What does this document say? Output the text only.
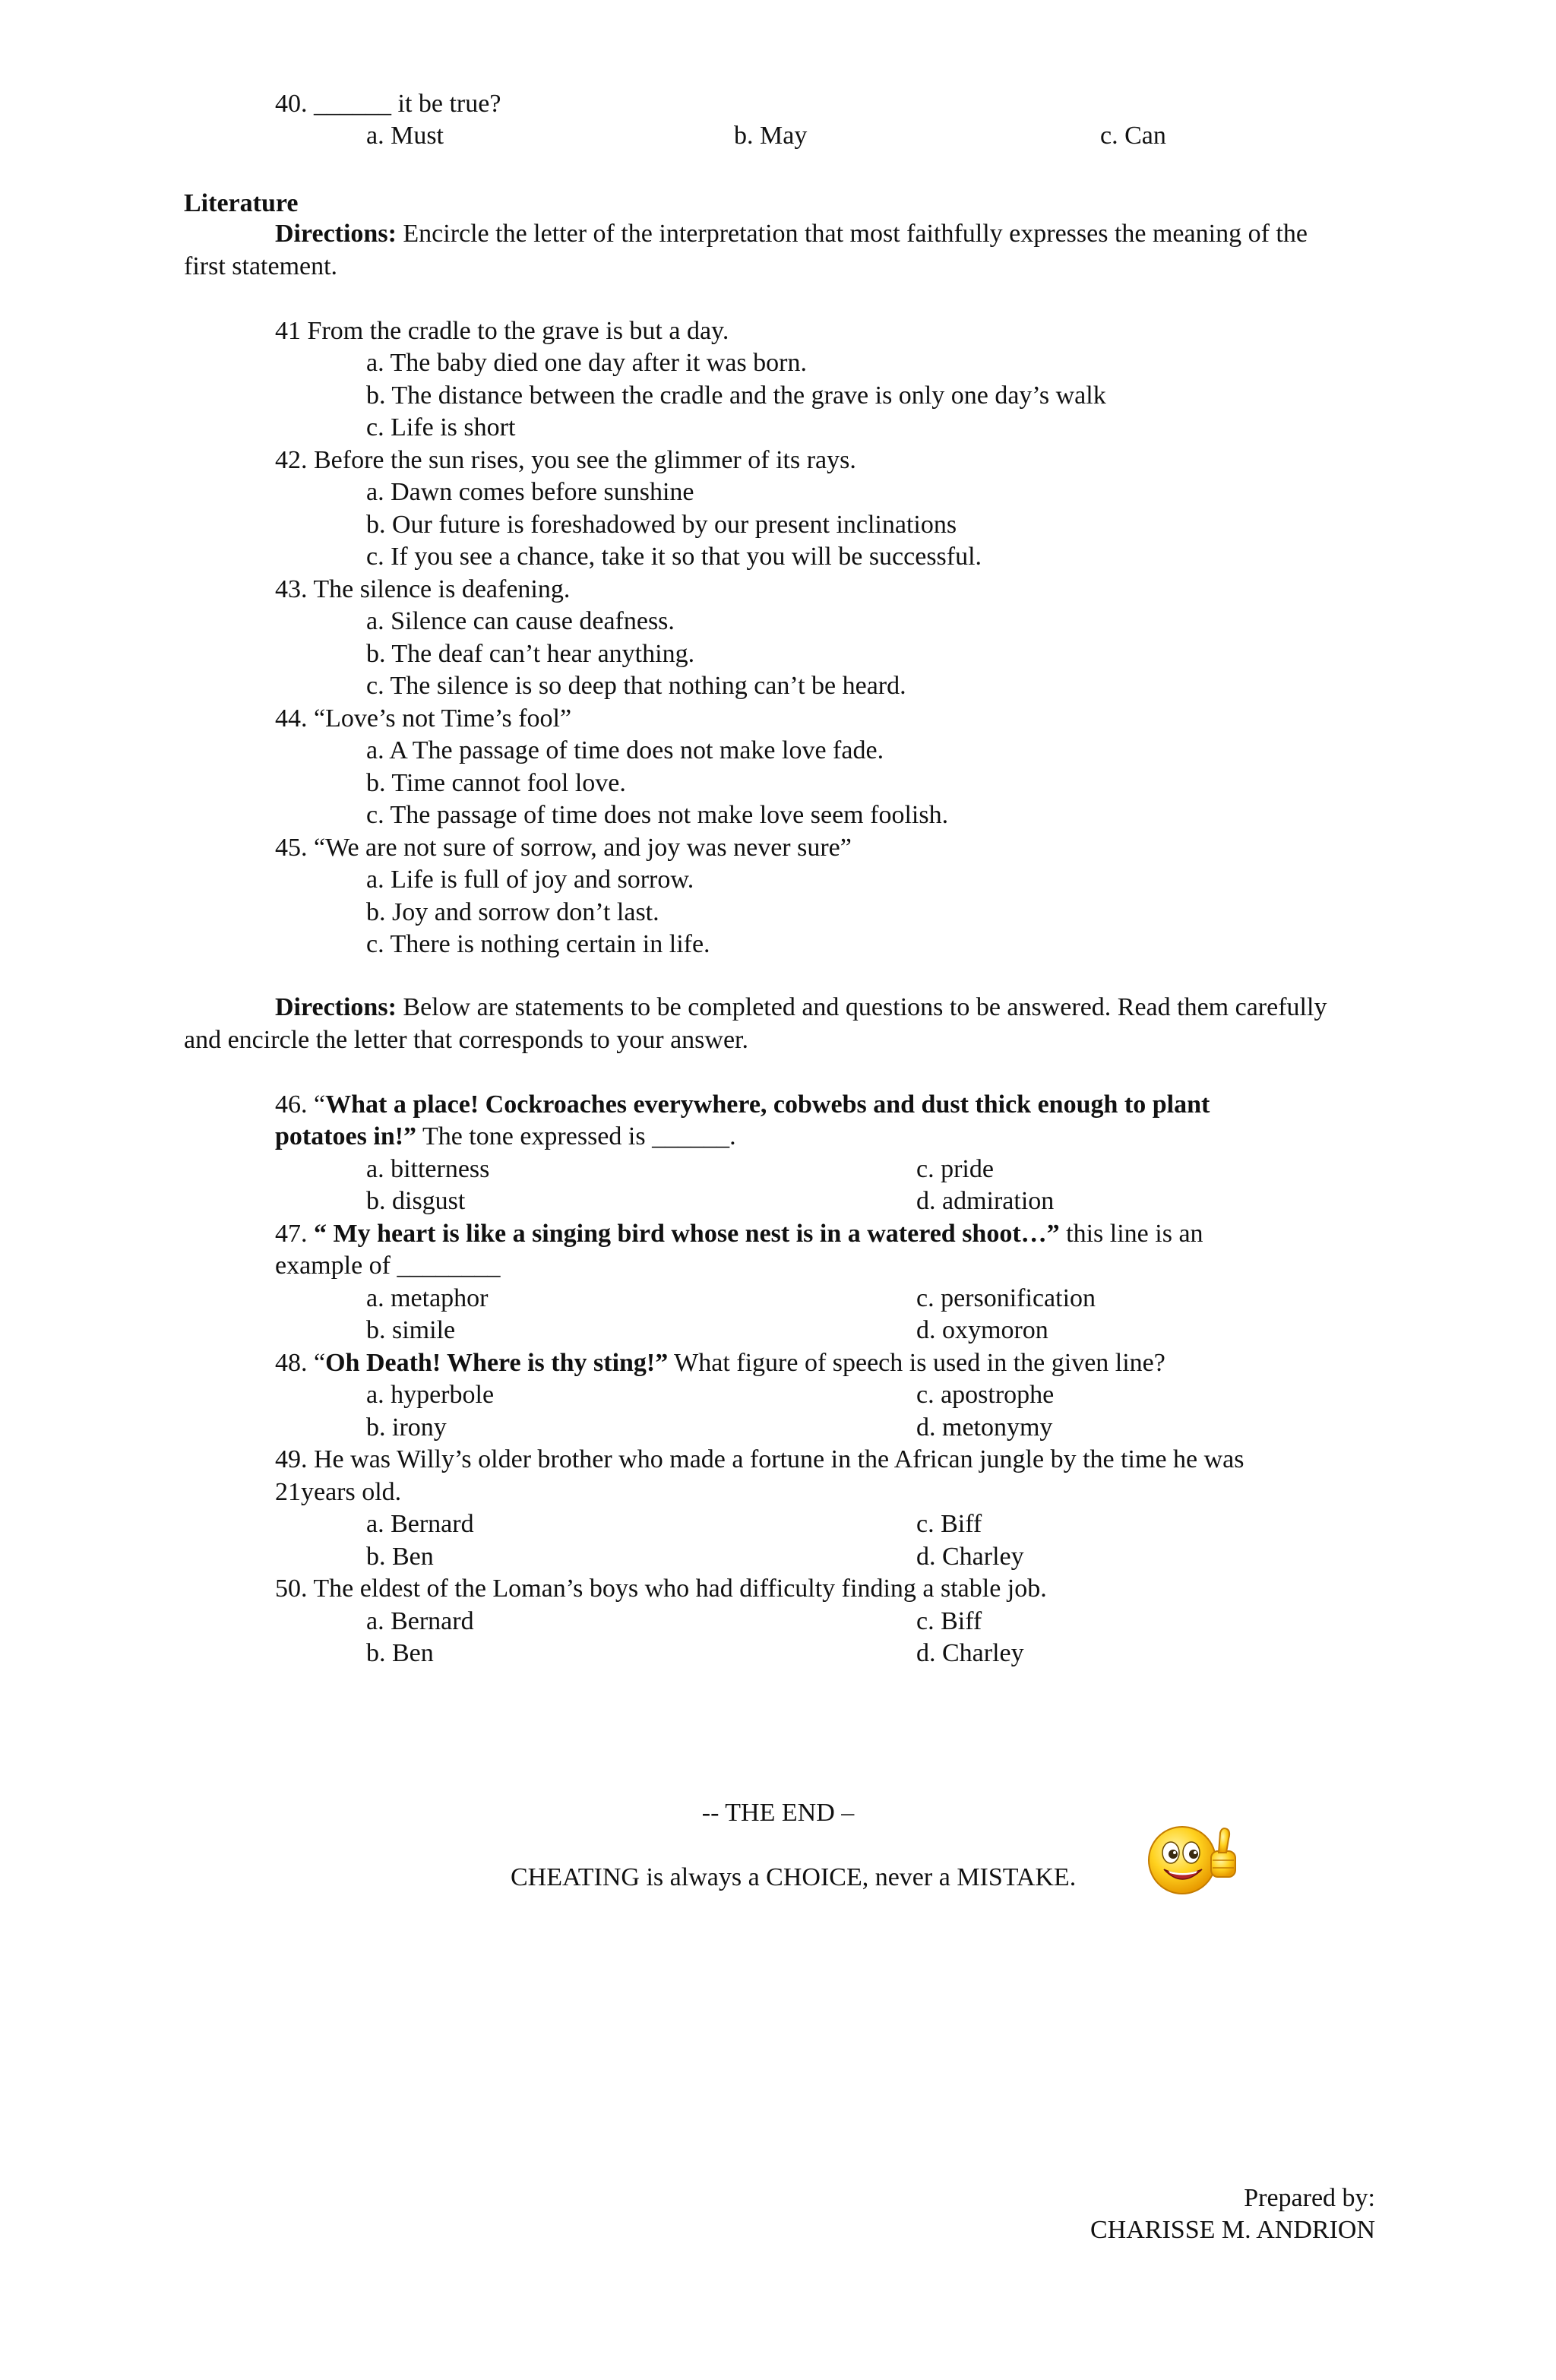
40. ______ it be true?
a. Must	b. May	c. Can
Literature
Directions: Encircle the letter of the interpretation that most faithfully expresses the meaning of the first statement.
41 From the cradle to the grave is but a day.
a. The baby died one day after it was born.
b. The distance between the cradle and the grave is only one day’s walk
c. Life is short
42. Before the sun rises, you see the glimmer of its rays.
a. Dawn comes before sunshine
b. Our future is foreshadowed by our present inclinations
c. If you see a chance, take it so that you will be successful.
43. The silence is deafening.
a. Silence can cause deafness.
b. The deaf can’t hear anything.
c. The silence is so deep that nothing can’t be heard.
44. “Love’s not Time’s fool”
a. A The passage of time does not make love fade.
b. Time cannot fool love.
c. The passage of time does not make love seem foolish.
45. “We are not sure of sorrow, and joy was never sure”
a. Life is full of joy and sorrow.
b. Joy and sorrow don’t last.
c. There is nothing certain in life.
Directions: Below are statements to be completed and questions to be answered. Read them carefully and encircle the letter that corresponds to your answer.
46. “What a place! Cockroaches everywhere, cobwebs and dust thick enough to plant
potatoes in!” The tone expressed is ______.
a. bitterness	c. pride
b. disgust	d. admiration
47. “ My heart is like a singing bird whose nest is in a watered shoot…” this line is an
example of ________
a. metaphor	c. personification
b. simile	d. oxymoron
48. “Oh Death! Where is thy sting!” What figure of speech is used in the given line?
a. hyperbole	c. apostrophe
b. irony	d. metonymy
49. He was Willy’s older brother who made a fortune in the African jungle by the time he was
21years old.
a. Bernard	c. Biff
b. Ben	d. Charley
50. The eldest of the Loman’s boys who had difficulty finding a stable job.
a. Bernard	c. Biff
b. Ben	d. Charley
-- THE END –
CHEATING is always a CHOICE, never a MISTAKE.
Prepared by:
CHARISSE M. ANDRION
